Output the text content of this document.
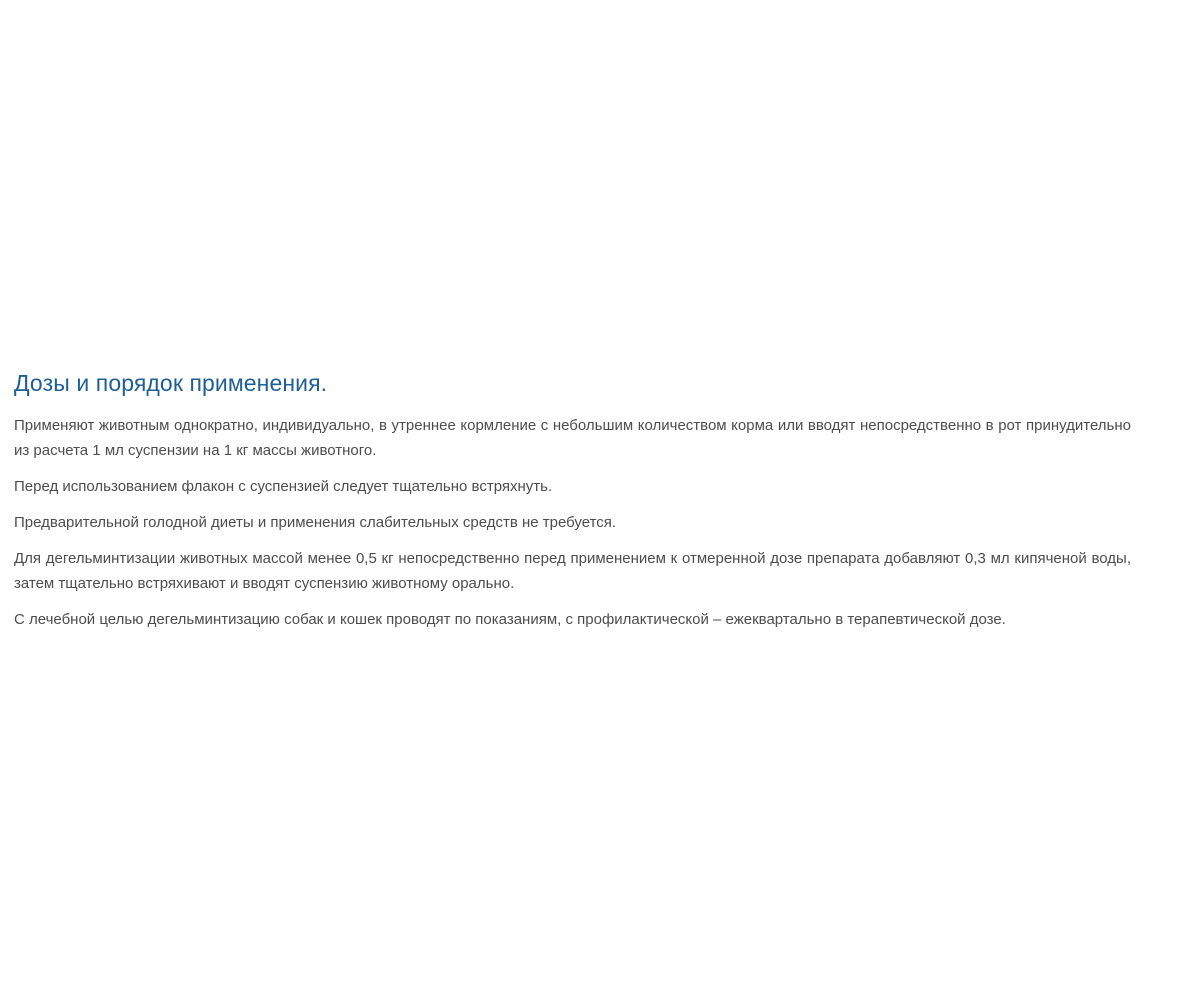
Дозы и порядок применения.

Применяют животным однократно, индивидуально, в утреннее кормление с небольшим количеством корма или вводят непосредственно в рот принудительно из расчета 1 мл суспензии на 1 кг массы животного.

Перед использованием флакон с суспензией следует тщательно встряхнуть.

Предварительной голодной диеты и применения слабительных средств не требуется.

Для дегельминтизации животных массой менее 0,5 кг непосредственно перед применением к отмеренной дозе препарата добавляют 0,3 мл кипяченой воды, затем тщательно встряхивают и вводят суспензию животному орально.

С лечебной целью дегельминтизацию собак и кошек проводят по показаниям, с профилактической – ежеквартально в терапевтической дозе.
